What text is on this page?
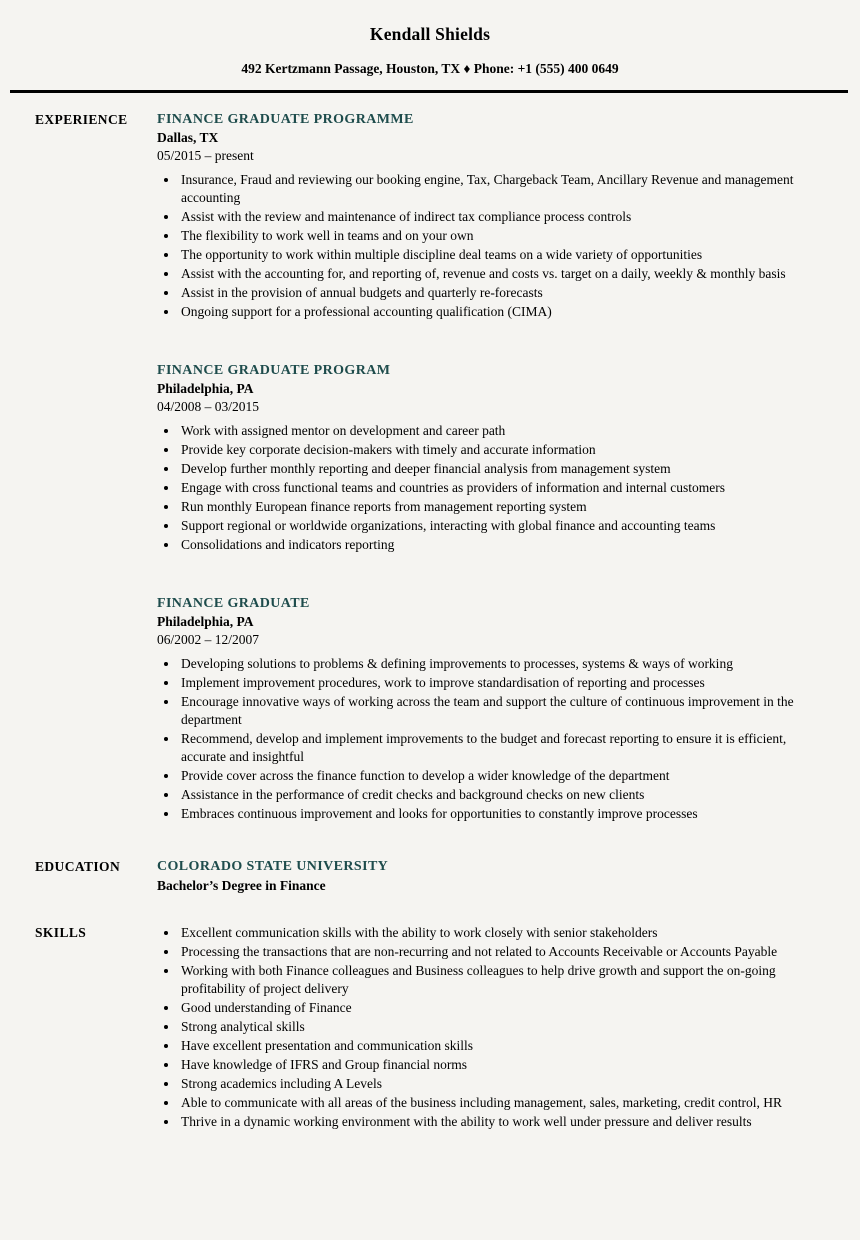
Kendall Shields
492 Kertzmann Passage, Houston, TX ♦ Phone: +1 (555) 400 0649
EXPERIENCE	FINANCE GRADUATE PROGRAMME
Dallas, TX
05/2015 – present
• Insurance, Fraud and reviewing our booking engine, Tax, Chargeback Team, Ancillary Revenue and management accounting
• Assist with the review and maintenance of indirect tax compliance process controls
• The flexibility to work well in teams and on your own
• The opportunity to work within multiple discipline deal teams on a wide variety of opportunities
• Assist with the accounting for, and reporting of, revenue and costs vs. target on a daily, weekly & monthly basis
• Assist in the provision of annual budgets and quarterly re-forecasts
• Ongoing support for a professional accounting qualification (CIMA)
FINANCE GRADUATE PROGRAM
Philadelphia, PA
04/2008 – 03/2015
• Work with assigned mentor on development and career path
• Provide key corporate decision-makers with timely and accurate information
• Develop further monthly reporting and deeper financial analysis from management system
• Engage with cross functional teams and countries as providers of information and internal customers
• Run monthly European finance reports from management reporting system
• Support regional or worldwide organizations, interacting with global finance and accounting teams
• Consolidations and indicators reporting
FINANCE GRADUATE
Philadelphia, PA
06/2002 – 12/2007
• Developing solutions to problems & defining improvements to processes, systems & ways of working
• Implement improvement procedures, work to improve standardisation of reporting and processes
• Encourage innovative ways of working across the team and support the culture of continuous improvement in the department
• Recommend, develop and implement improvements to the budget and forecast reporting to ensure it is efficient, accurate and insightful
• Provide cover across the finance function to develop a wider knowledge of the department
• Assistance in the performance of credit checks and background checks on new clients
• Embraces continuous improvement and looks for opportunities to constantly improve processes
EDUCATION	COLORADO STATE UNIVERSITY
Bachelor’s Degree in Finance
SKILLS	• Excellent communication skills with the ability to work closely with senior stakeholders
• Processing the transactions that are non-recurring and not related to Accounts Receivable or Accounts Payable
• Working with both Finance colleagues and Business colleagues to help drive growth and support the on-going profitability of project delivery
• Good understanding of Finance
• Strong analytical skills
• Have excellent presentation and communication skills
• Have knowledge of IFRS and Group financial norms
• Strong academics including A Levels
• Able to communicate with all areas of the business including management, sales, marketing, credit control, HR
• Thrive in a dynamic working environment with the ability to work well under pressure and deliver results
